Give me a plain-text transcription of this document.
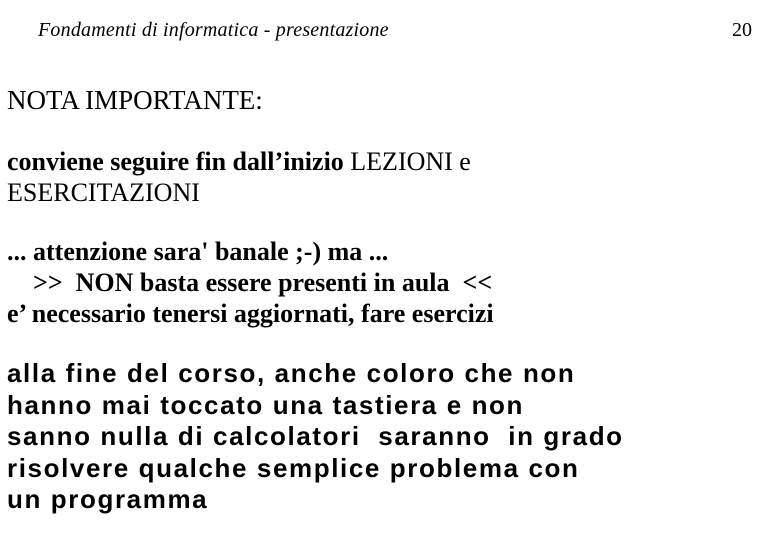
Fondamenti di informatica - presentazione	20
NOTA IMPORTANTE:
conviene seguire fin dall’inizio LEZIONI e
ESERCITAZIONI
... attenzione sara' banale ;-) ma ...
>>  NON basta essere presenti in aula  <<
e’ necessario tenersi aggiornati, fare esercizi
alla fine del corso, anche coloro che non
hanno mai toccato una tastiera e non
sanno nulla di calcolatori  saranno  in grado
risolvere qualche semplice problema con
un programma
